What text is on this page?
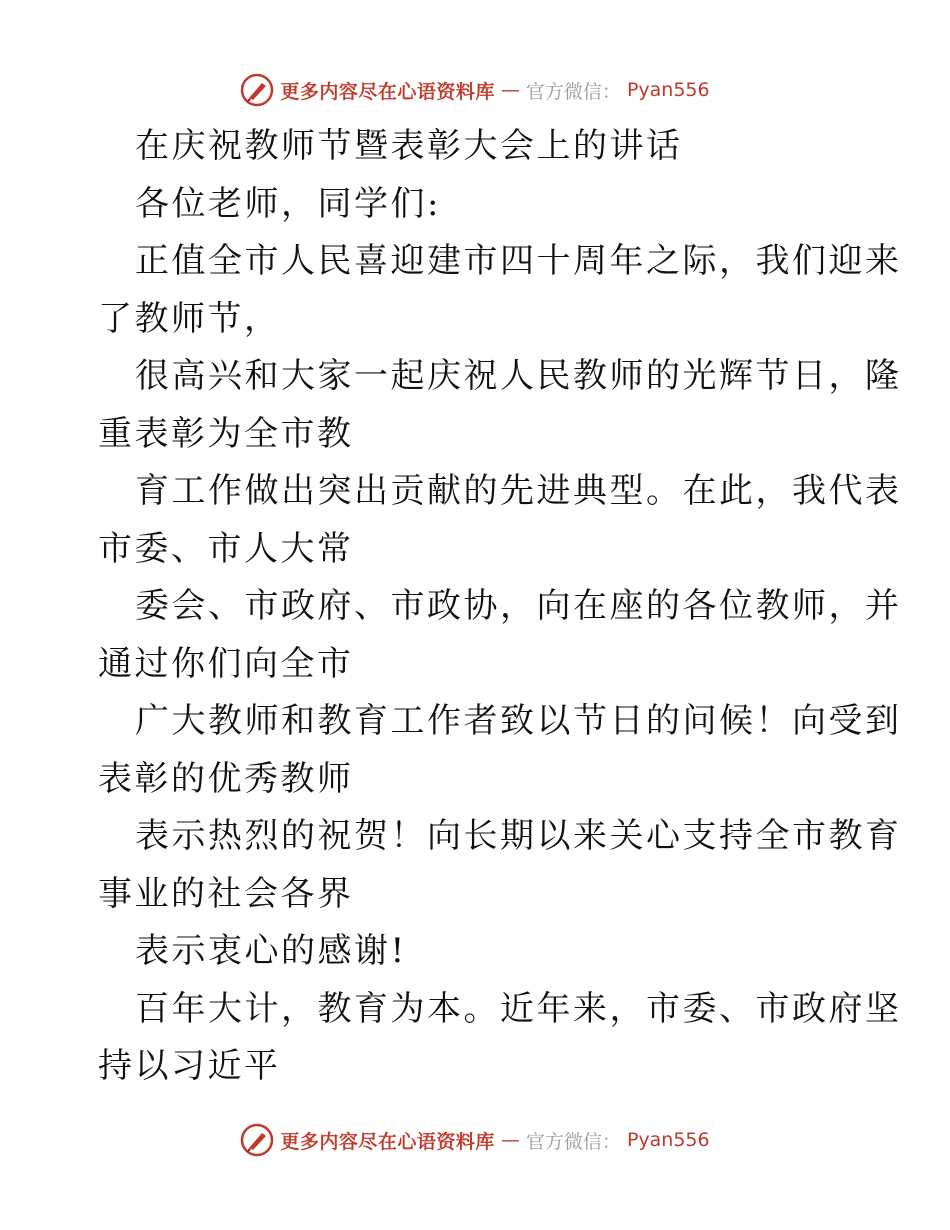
更多内容尽在心语资料库 — 官方微信： Pyan556
在庆祝教师节暨表彰大会上的讲话
各位老师，同学们:
正值全市人民喜迎建市四十周年之际，我们迎来
了教师节，
很高兴和大家一起庆祝人民教师的光辉节日，隆
重表彰为全市教
育工作做出突出贡献的先进典型。在此，我代表
市委、市人大常
委会、市政府、市政协，向在座的各位教师，并
通过你们向全市
广大教师和教育工作者致以节日的问候！向受到
表彰的优秀教师
表示热烈的祝贺！向长期以来关心支持全市教育
事业的社会各界
表示衷心的感谢!
百年大计，教育为本。近年来，市委、市政府坚
持以习近平
更多内容尽在心语资料库 — 官方微信： Pyan556
